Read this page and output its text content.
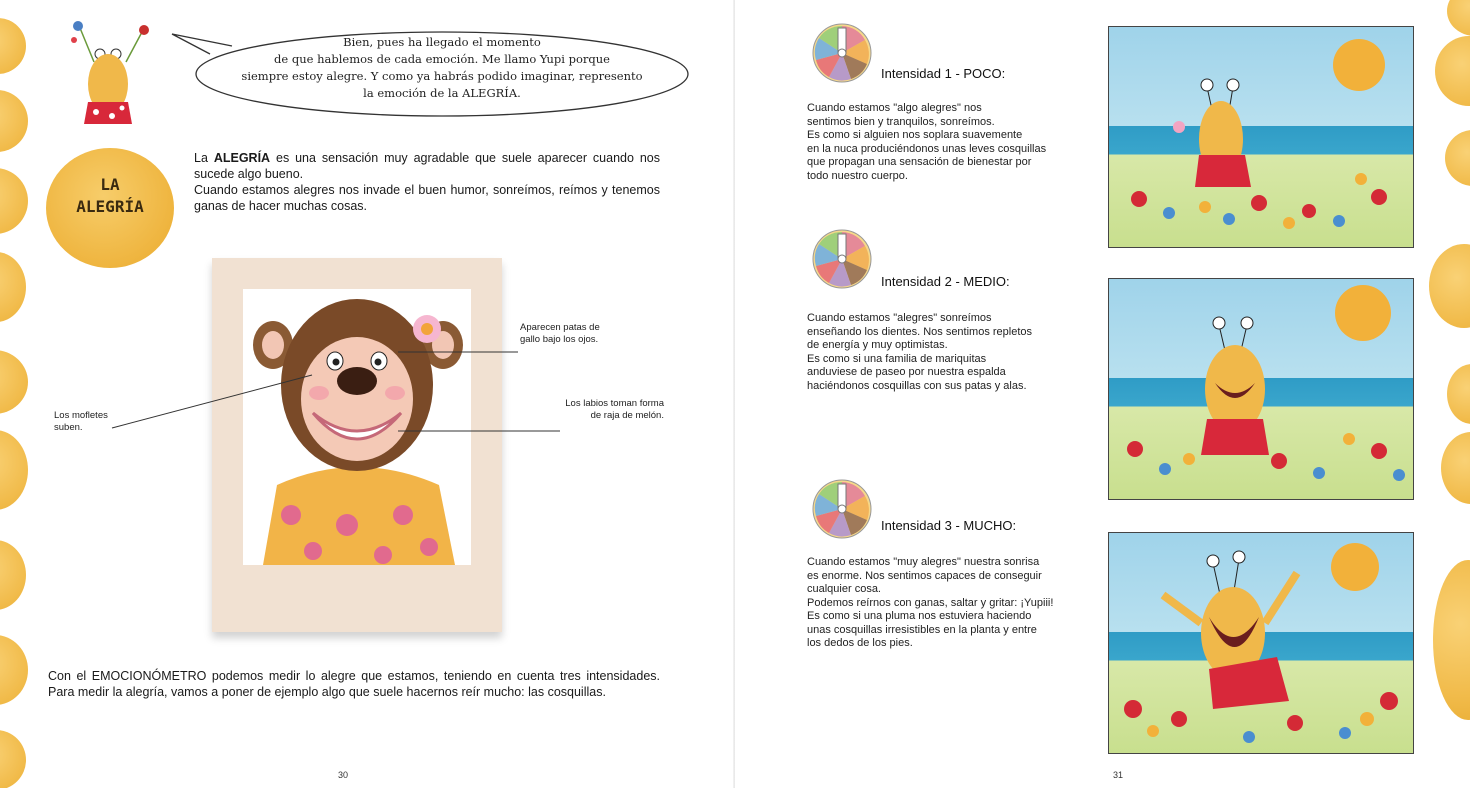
Bien, pues ha llegado el momento
de que hablemos de cada emoción. Me llamo Yupi porque
siempre estoy alegre. Y como ya habrás podido imaginar, represento
la emoción de la ALEGRÍA.
LA
ALEGRÍA
La ALEGRÍA es una sensación muy agradable que suele aparecer cuando nos sucede algo bueno.
Cuando estamos alegres nos invade el buen humor, sonreímos, reímos y tenemos ganas de hacer muchas cosas.
Aparecen patas de
gallo bajo los ojos.
Los labios toman forma
de raja de melón.
Los mofletes
suben.
Con el EMOCIONÓMETRO podemos medir lo alegre que estamos, teniendo en cuenta tres intensidades. Para medir la alegría, vamos a poner de ejemplo algo que suele hacernos reír mucho: las cosquillas.
30
Intensidad 1 - POCO:
Cuando estamos "algo alegres" nos
sentimos bien y tranquilos, sonreímos.
Es como si alguien nos soplara suavemente
en la nuca produciéndonos unas leves cosquillas
que propagan una sensación de bienestar por
todo nuestro cuerpo.
Intensidad 2 - MEDIO:
Cuando estamos "alegres" sonreímos
enseñando los dientes. Nos sentimos repletos
de energía y muy optimistas.
Es como si una familia de mariquitas
anduviese de paseo por nuestra espalda
haciéndonos cosquillas con sus patas y alas.
Intensidad 3 - MUCHO:
Cuando estamos "muy alegres" nuestra sonrisa
es enorme. Nos sentimos capaces de conseguir
cualquier cosa.
Podemos reírnos con ganas, saltar y gritar: ¡Yupiii!
Es como si una pluma nos estuviera haciendo
unas cosquillas irresistibles en la planta y entre
los dedos de los pies.
31
